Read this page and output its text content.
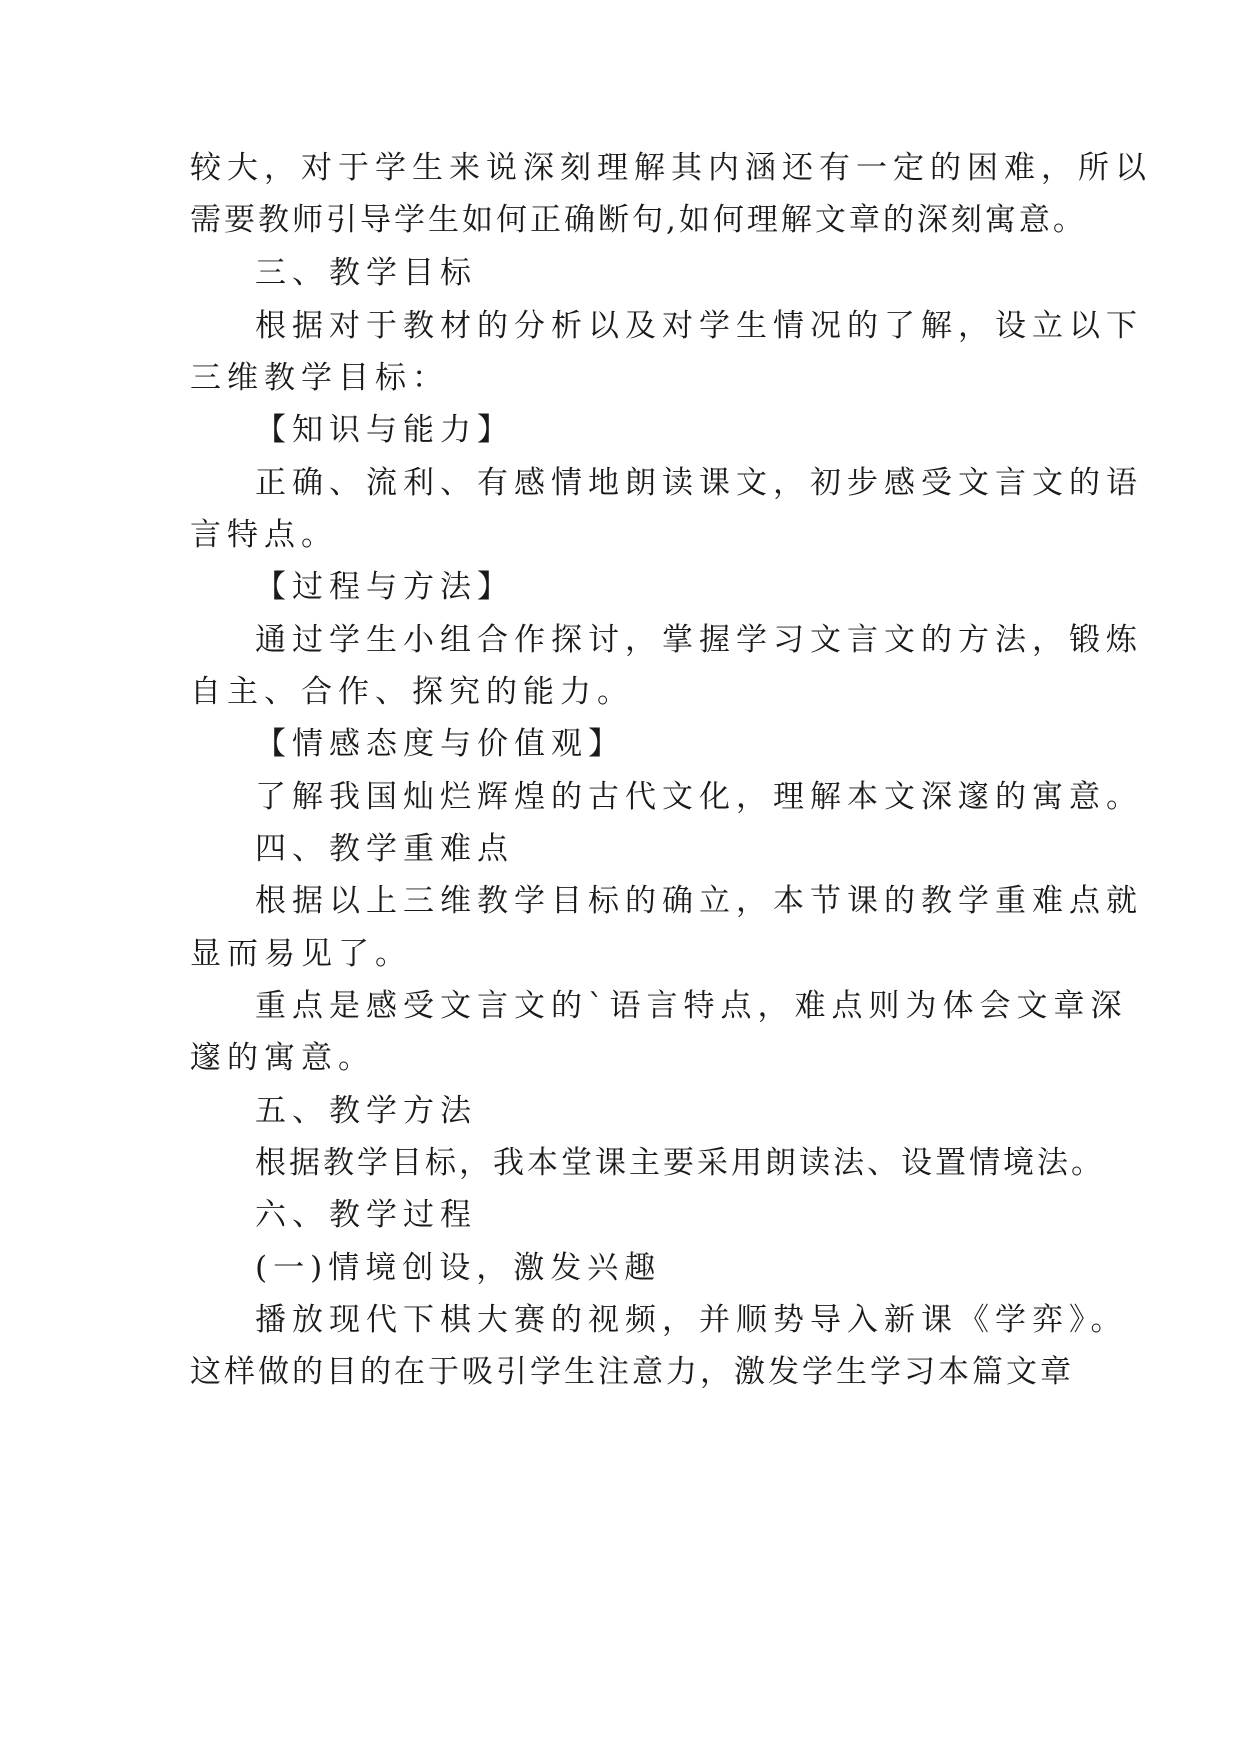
较大，对于学生来说深刻理解其内涵还有一定的困难，所以
需要教师引导学生如何正确断句,如何理解文章的深刻寓意。
三、教学目标
根据对于教材的分析以及对学生情况的了解，设立以下
三维教学目标：
【知识与能力】
正确、流利、有感情地朗读课文，初步感受文言文的语
言特点。
【过程与方法】
通过学生小组合作探讨，掌握学习文言文的方法，锻炼
自主、合作、探究的能力。
【情感态度与价值观】
了解我国灿烂辉煌的古代文化，理解本文深邃的寓意。
四、教学重难点
根据以上三维教学目标的确立，本节课的教学重难点就
显而易见了。
重点是感受文言文的`语言特点，难点则为体会文章深
邃的寓意。
五、教学方法
根据教学目标，我本堂课主要采用朗读法、设置情境法。
六、教学过程
(一)情境创设，激发兴趣
播放现代下棋大赛的视频，并顺势导入新课《学弈》。
这样做的目的在于吸引学生注意力，激发学生学习本篇文章
